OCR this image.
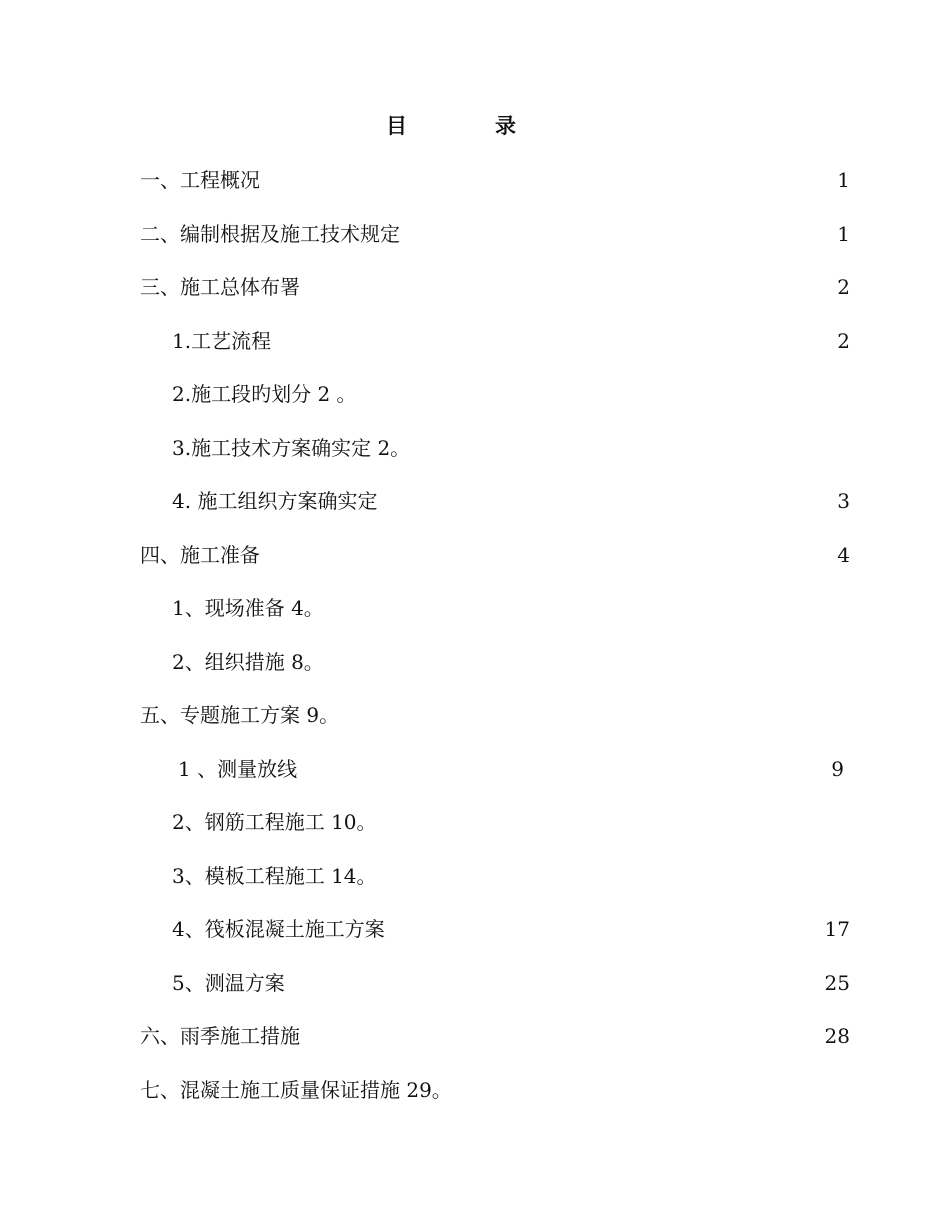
目录
一、工程概况	1
二、编制根据及施工技术规定	1
三、施工总体布署	2
1.工艺流程	2
2.施工段旳划分 2 。
3.施工技术方案确实定 2。
4. 施工组织方案确实定	3
四、施工准备	4
1、现场准备 4。
2、组织措施 8。
五、专题施工方案 9。
1 、测量放线	9
2、钢筋工程施工 10。
3、模板工程施工 14。
4、筏板混凝土施工方案	17
5、测温方案	25
六、雨季施工措施	28
七、混凝土施工质量保证措施 29。
